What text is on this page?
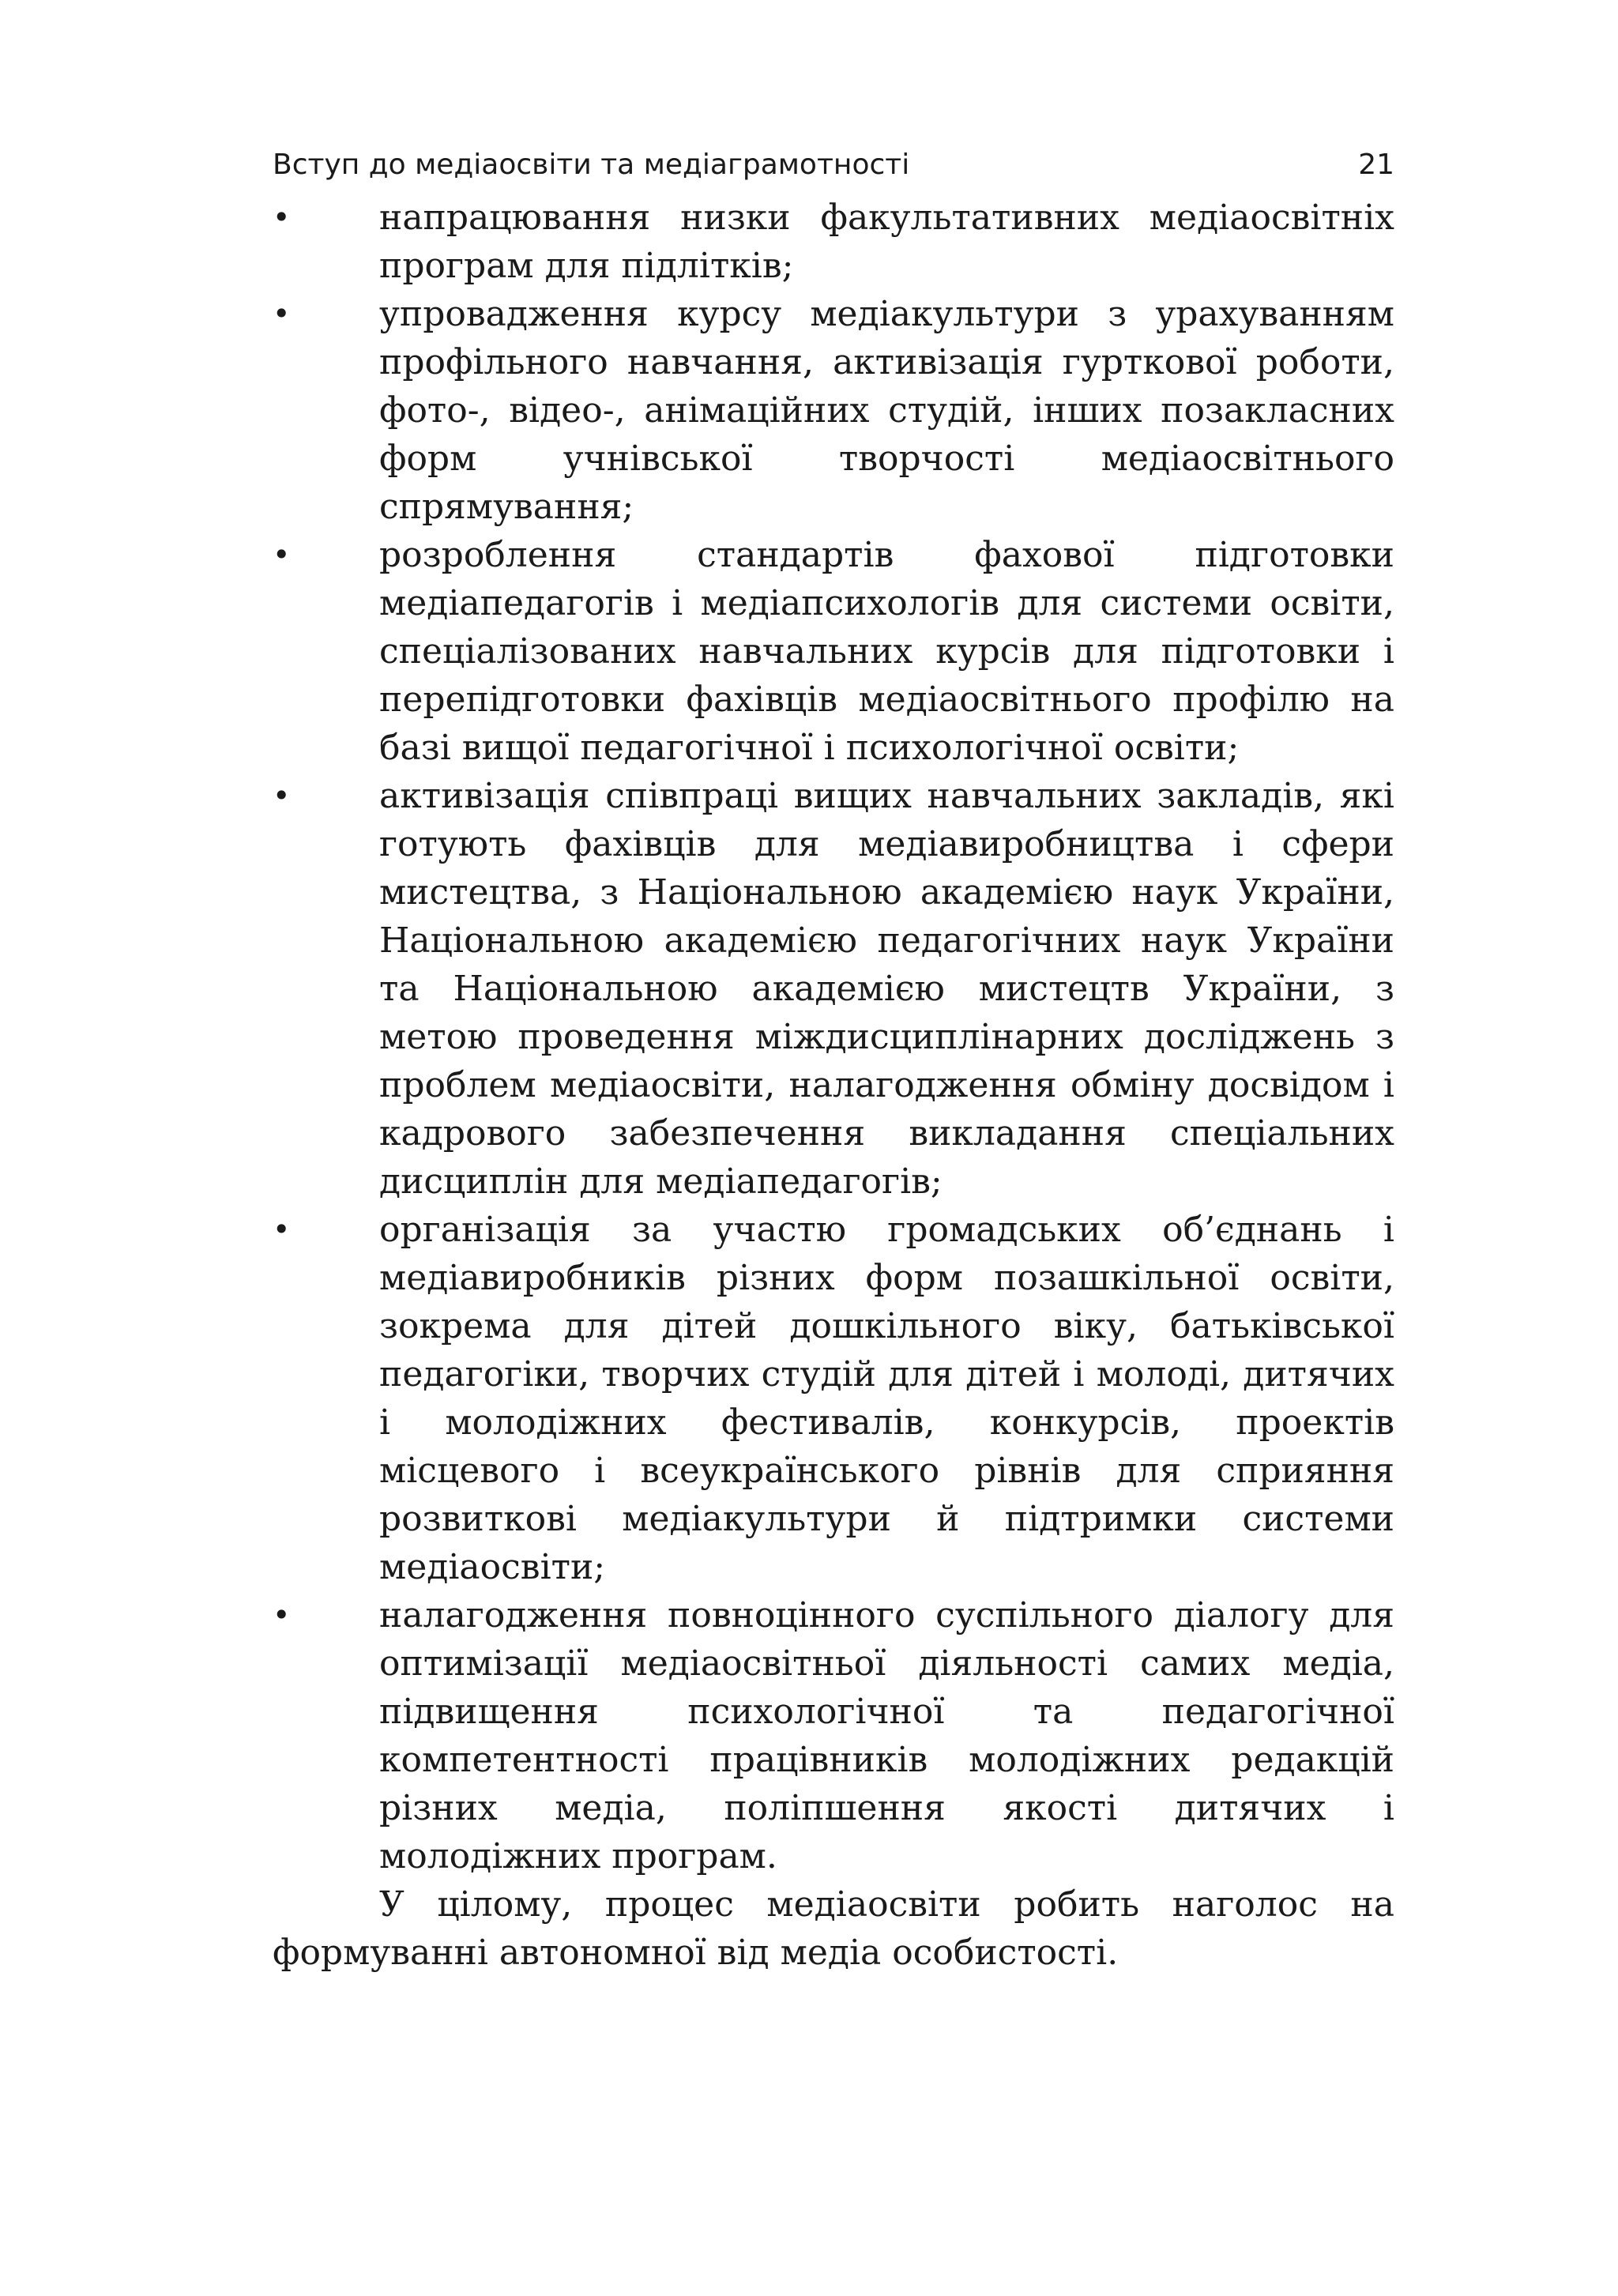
Вступ до медіаосвіти та медіаграмотності	21
•	напрацювання низки факультативних медіаосвітніх програм для підлітків;
•	упровадження курсу медіакультури з урахуванням профільного навчання, активізація гурткової роботи, фото-, відео-, анімаційних студій, інших позакласних форм учнівської творчості медіаосвітнього спрямування;
•	розроблення стандартів фахової підготовки медіапедагогів і медіапсихологів для системи освіти, спеціалізованих навчальних курсів для підготовки і перепідготовки фахівців медіаосвітнього профілю на базі вищої педагогічної і психологічної освіти;
•	активізація співпраці вищих навчальних закладів, які готують фахівців для медіавиробництва і сфери мистецтва, з Національною академією наук України, Національною академією педагогічних наук України та Національною академією мистецтв України, з метою проведення міждисциплінарних досліджень з проблем медіаосвіти, налагодження обміну досвідом і кадрового забезпечення викладання спеціальних дисциплін для медіапедагогів;
•	організація за участю громадських об’єднань і медіавиробників різних форм позашкільної освіти, зокрема для дітей дошкільного віку, батьківської педагогіки, творчих студій для дітей і молоді, дитячих і молодіжних фестивалів, конкурсів, проектів місцевого і всеукраїнського рівнів для сприяння розвиткові медіакультури й підтримки системи медіаосвіти;
•	налагодження повноцінного суспільного діалогу для оптимізації медіаосвітньої діяльності самих медіа, підвищення психологічної та педагогічної компетентності працівників молодіжних редакцій різних медіа, поліпшення якості дитячих і молодіжних програм.

У цілому, процес медіаосвіти робить наголос на формуванні автономної від медіа особистості.
